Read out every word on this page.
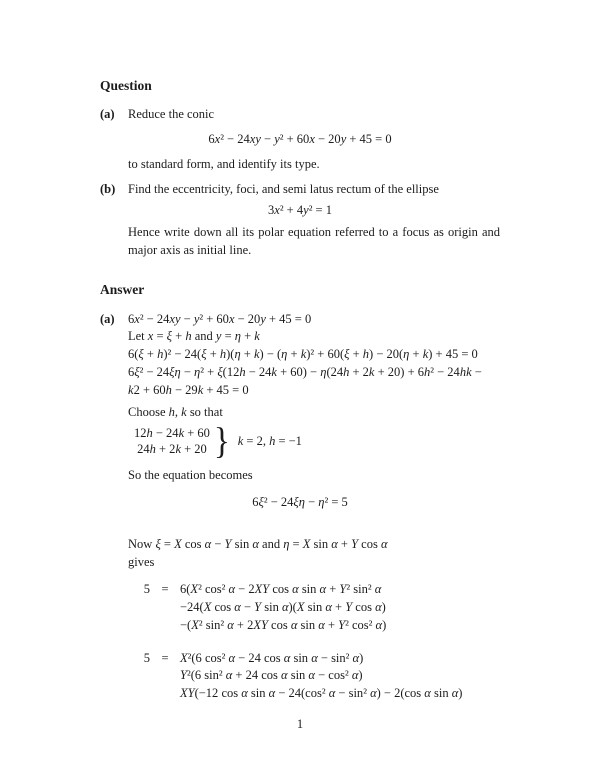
Question
(a)	Reduce the conic
6x² − 24xy − y² + 60x − 20y + 45 = 0
to standard form, and identify its type.
(b)	Find the eccentricity, foci, and semi latus rectum of the ellipse
3x² + 4y² = 1
Hence write down all its polar equation referred to a focus as origin and major axis as initial line.
Answer
(a)	6x² − 24xy − y² + 60x − 20y + 45 = 0
Let x = ξ + h and y = η + k
6(ξ + h)² − 24(ξ + h)(η + k) − (η + k)² + 60(ξ + h) − 20(η + k) + 45 = 0
6ξ² − 24ξη − η² + ξ(12h − 24k + 60) − η(24h + 2k + 20) + 6h² − 24hk −
k2 + 60h − 29k + 45 = 0
Choose h, k so that
12h − 24k + 60
24h + 2k + 20 } k = 2, h = −1
So the equation becomes
6ξ² − 24ξη − η² = 5
Now ξ = X cos α − Y sin α and η = X sin α + Y cos α
gives
5 = 6(X² cos² α − 2XY cos α sin α + Y² sin² α
−24(X cos α − Y sin α)(X sin α + Y cos α)
−(X² sin² α + 2XY cos α sin α + Y² cos² α)
5 = X²(6 cos² α − 24 cos α sin α − sin² α)
Y²(6 sin² α + 24 cos α sin α − cos² α)
XY(−12 cos α sin α − 24(cos² α − sin² α) − 2(cos α sin α)
1
